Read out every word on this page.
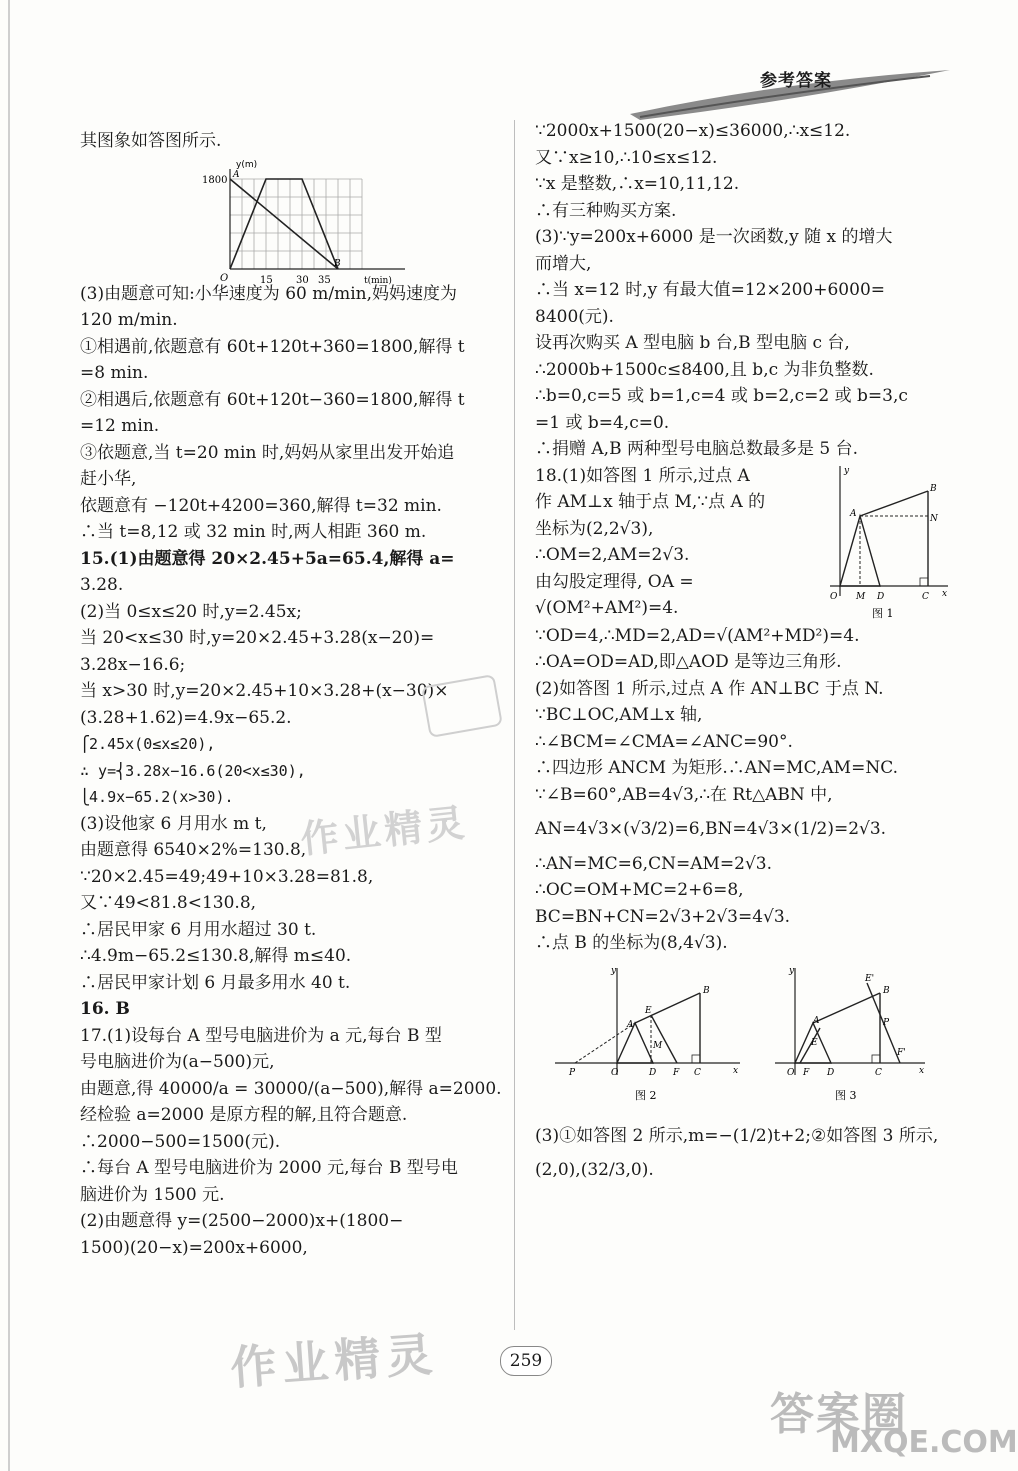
参考答案

其图象如答图所示.

y(m)
1800 A
O	15 30 35
B
t(min)

(3)由题意可知:小华速度为 60 m/min,妈妈速度为

120 m/min.

①相遇前,依题意有 60t+120t+360=1800,解得 t

=8 min.

②相遇后,依题意有 60t+120t−360=1800,解得 t

=12 min.

③依题意,当 t=20 min 时,妈妈从家里出发开始追

赶小华,

依题意有 −120t+4200=360,解得 t=32 min.

∴当 t=8,12 或 32 min 时,两人相距 360 m.

15.(1)由题意得 20×2.45+5a=65.4,解得 a=

3.28.

(2)当 0≤x≤20 时,y=2.45x;

当 20<x≤30 时,y=20×2.45+3.28(x−20)=

3.28x−16.6;

当 x>30 时,y=20×2.45+10×3.28+(x−30)×

(3.28+1.62)=4.9x−65.2.

⎧2.45x(0≤x≤20),

∴ y=⎨3.28x−16.6(20<x≤30),

⎩4.9x−65.2(x>30).

(3)设他家 6 月用水 m t,

由题意得 6540×2%=130.8,

∵20×2.45=49;49+10×3.28=81.8,

又∵49<81.8<130.8,

∴居民甲家 6 月用水超过 30 t.

∴4.9m−65.2≤130.8,解得 m≤40.

∴居民甲家计划 6 月最多用水 40 t.

16. B

17.(1)设每台 A 型号电脑进价为 a 元,每台 B 型

号电脑进价为(a−500)元,

由题意,得 40000/a = 30000/(a−500),解得 a=2000.

经检验 a=2000 是原方程的解,且符合题意.

∴2000−500=1500(元).

∴每台 A 型号电脑进价为 2000 元,每台 B 型号电

脑进价为 1500 元.

(2)由题意得 y=(2500−2000)x+(1800−

1500)(20−x)=200x+6000,

∵2000x+1500(20−x)≤36000,∴x≤12.

又∵x≥10,∴10≤x≤12.

∵x 是整数,∴x=10,11,12.

∴有三种购买方案.

(3)∵y=200x+6000 是一次函数,y 随 x 的增大

而增大,

∴当 x=12 时,y 有最大值=12×200+6000=

8400(元).

设再次购买 A 型电脑 b 台,B 型电脑 c 台,

∴2000b+1500c≤8400,且 b,c 为非负整数.

∴b=0,c=5 或 b=1,c=4 或 b=2,c=2 或 b=3,c

=1 或 b=4,c=0.

∴捐赠 A,B 两种型号电脑总数最多是 5 台.

18.(1)如答图 1 所示,过点 A

作 AM⊥x 轴于点 M,∵点 A 的

坐标为(2,2√3),

∴OM=2,AM=2√3.

由勾股定理得, OA =

√(OM²+AM²)=4.

y
B
A	N
O M D	C x
图 1

∵OD=4,∴MD=2,AD=√(AM²+MD²)=4.

∴OA=OD=AD,即△AOD 是等边三角形.

(2)如答图 1 所示,过点 A 作 AN⊥BC 于点 N.

∵BC⊥OC,AM⊥x 轴,

∴∠BCM=∠CMA=∠ANC=90°.

∴四边形 ANCM 为矩形.∴AN=MC,AM=NC.

∵∠B=60°,AB=4√3,∴在 Rt△ABN 中,

AN=4√3×(√3/2)=6,BN=4√3×(1/2)=2√3.

∴AN=MC=6,CN=AM=2√3.

∴OC=OM+MC=2+6=8,

BC=BN+CN=2√3+2√3=4√3.

∴点 B 的坐标为(8,4√3).

y
B
E
A
M
P	O	D F C	x
图 2
y
E'
B
A	P
E
F'
O F D	C	x
图 3

(3)①如答图 2 所示,m=−(1/2)t+2;②如答图 3 所示,

(2,0),(32/3,0).

作业精灵
作业精灵	259
答案圈
MXQE.COM
